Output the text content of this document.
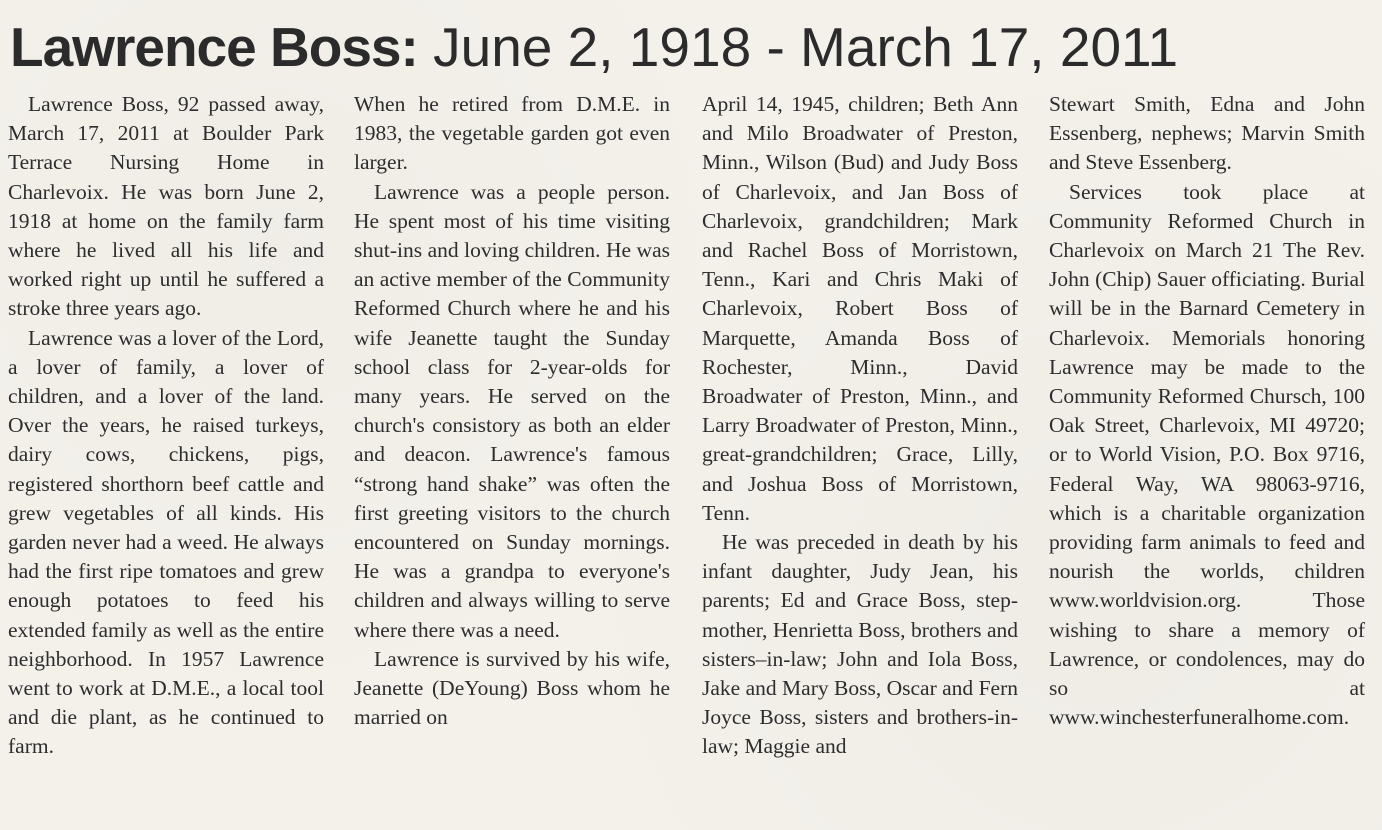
Lawrence Boss: June 2, 1918 - March 17, 2011

Lawrence Boss, 92 passed away, March 17, 2011 at Boulder Park Terrace Nursing Home in Charlevoix. He was born June 2, 1918 at home on the family farm where he lived all his life and worked right up until he suffered a stroke three years ago.

Lawrence was a lover of the Lord, a lover of family, a lover of children, and a lover of the land. Over the years, he raised turkeys, dairy cows, chickens, pigs, registered shorthorn beef cattle and grew vegetables of all kinds. His garden never had a weed. He always had the first ripe tomatoes and grew enough potatoes to feed his extended family as well as the entire neighborhood. In 1957 Lawrence went to work at D.M.E., a local tool and die plant, as he continued to farm.

When he retired from D.M.E. in 1983, the vegetable garden got even larger.

Lawrence was a people person. He spent most of his time visiting shut-ins and loving children. He was an active member of the Community Reformed Church where he and his wife Jeanette taught the Sunday school class for 2-year-olds for many years. He served on the church's consistory as both an elder and deacon. Lawrence's famous “strong hand shake” was often the first greeting visitors to the church encountered on Sunday mornings. He was a grandpa to everyone's children and always willing to serve where there was a need.

Lawrence is survived by his wife, Jeanette (DeYoung) Boss whom he married on

April 14, 1945, children; Beth Ann and Milo Broadwater of Preston, Minn., Wilson (Bud) and Judy Boss of Charlevoix, and Jan Boss of Charlevoix, grandchildren; Mark and Rachel Boss of Morristown, Tenn., Kari and Chris Maki of Charlevoix, Robert Boss of Marquette, Amanda Boss of Rochester, Minn., David Broadwater of Preston, Minn., and Larry Broadwater of Preston, Minn., great-grandchildren; Grace, Lilly, and Joshua Boss of Morristown, Tenn.

He was preceded in death by his infant daughter, Judy Jean, his parents; Ed and Grace Boss, step-mother, Henrietta Boss, brothers and sisters–in-law; John and Iola Boss, Jake and Mary Boss, Oscar and Fern Joyce Boss, sisters and brothers-in-law; Maggie and

Stewart Smith, Edna and John Essenberg, nephews; Marvin Smith and Steve Essenberg.

Services took place at Community Reformed Church in Charlevoix on March 21 The Rev. John (Chip) Sauer officiating. Burial will be in the Barnard Cemetery in Charlevoix. Memorials honoring Lawrence may be made to the Community Reformed Chursch, 100 Oak Street, Charlevoix, MI 49720; or to World Vision, P.O. Box 9716, Federal Way, WA 98063-9716, which is a charitable organization providing farm animals to feed and nourish the worlds, children www.worldvision.org. Those wishing to share a memory of Lawrence, or condolences, may do so at www.winchesterfuneralhome.com.
